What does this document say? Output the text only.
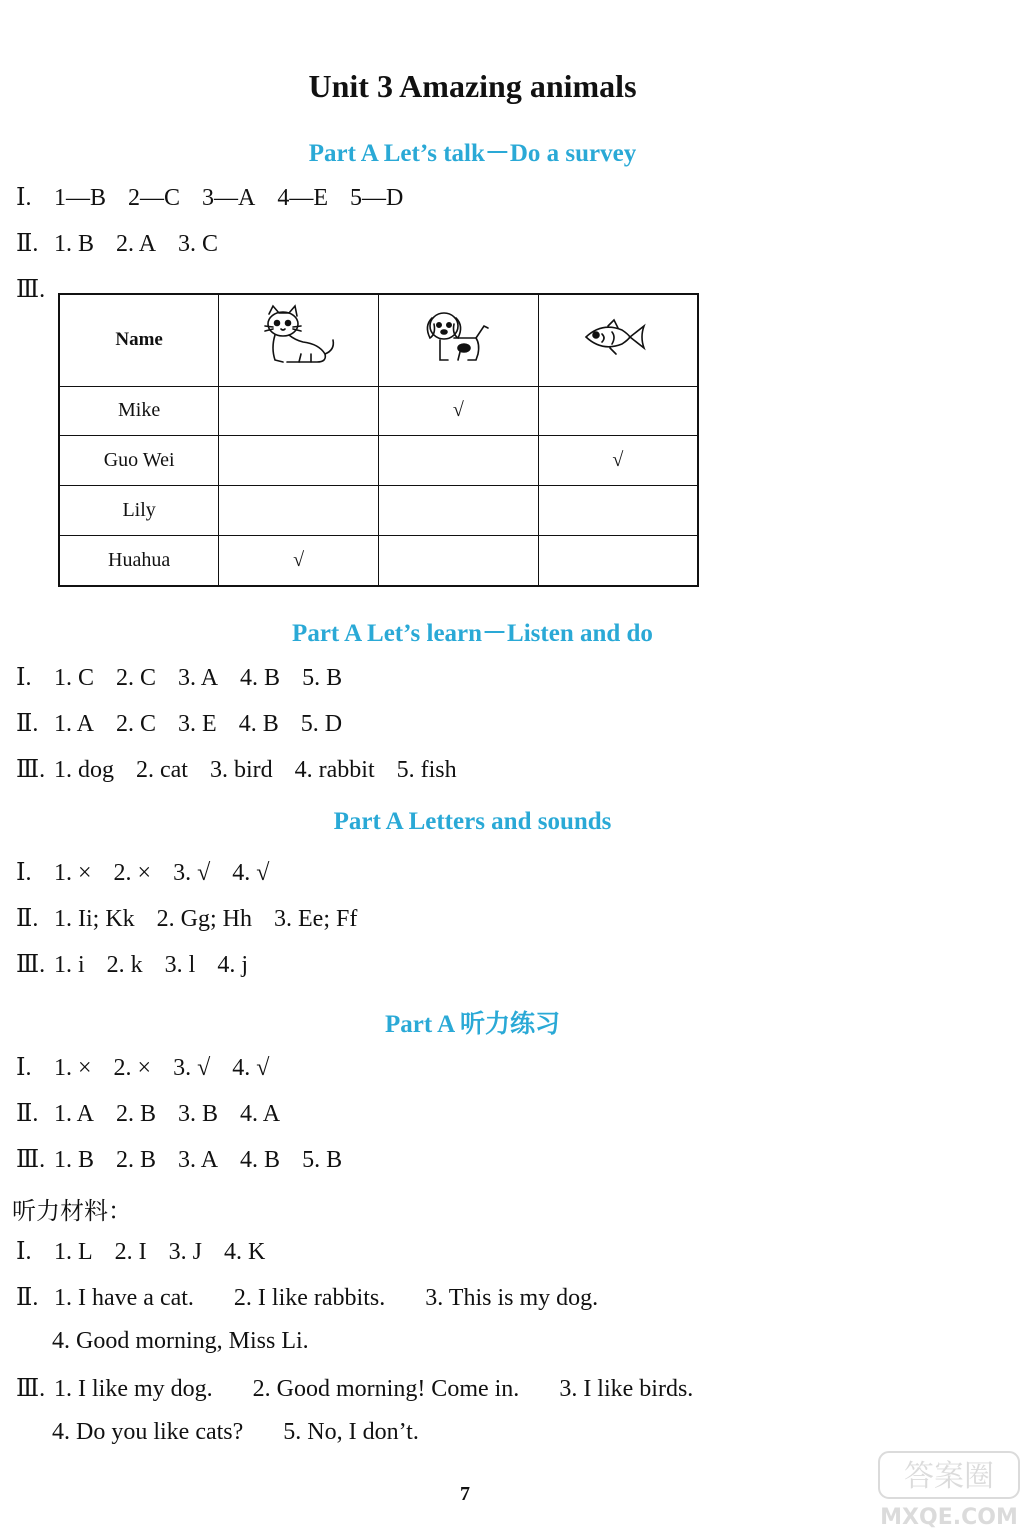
Unit 3 Amazing animals
Part A Let’s talk－Do a survey
Ⅰ. 1—B 2—C 3—A 4—E 5—D
Ⅱ. 1. B 2. A 3. C
Ⅲ.
Name			
Mike		√	
Guo Wei			√
Lily			
Huahua	√		
Part A Let’s learn－Listen and do
Ⅰ. 1. C 2. C 3. A 4. B 5. B
Ⅱ. 1. A 2. C 3. E 4. B 5. D
Ⅲ. 1. dog 2. cat 3. bird 4. rabbit 5. fish
Part A Letters and sounds
Ⅰ. 1. × 2. × 3. √ 4. √
Ⅱ. 1. Ii; Kk 2. Gg; Hh 3. Ee; Ff
Ⅲ. 1. i 2. k 3. l 4. j
Part A 听力练习
Ⅰ. 1. × 2. × 3. √ 4. √
Ⅱ. 1. A 2. B 3. B 4. A
Ⅲ. 1. B 2. B 3. A 4. B 5. B
听力材料：
Ⅰ. 1. L 2. I 3. J 4. K
Ⅱ. 1. I have a cat. 2. I like rabbits. 3. This is my dog.
4. Good morning, Miss Li.
Ⅲ. 1. I like my dog. 2. Good morning! Come in. 3. I like birds.
4. Do you like cats? 5. No, I don’t.
7	答案圈
MXQE.COM
